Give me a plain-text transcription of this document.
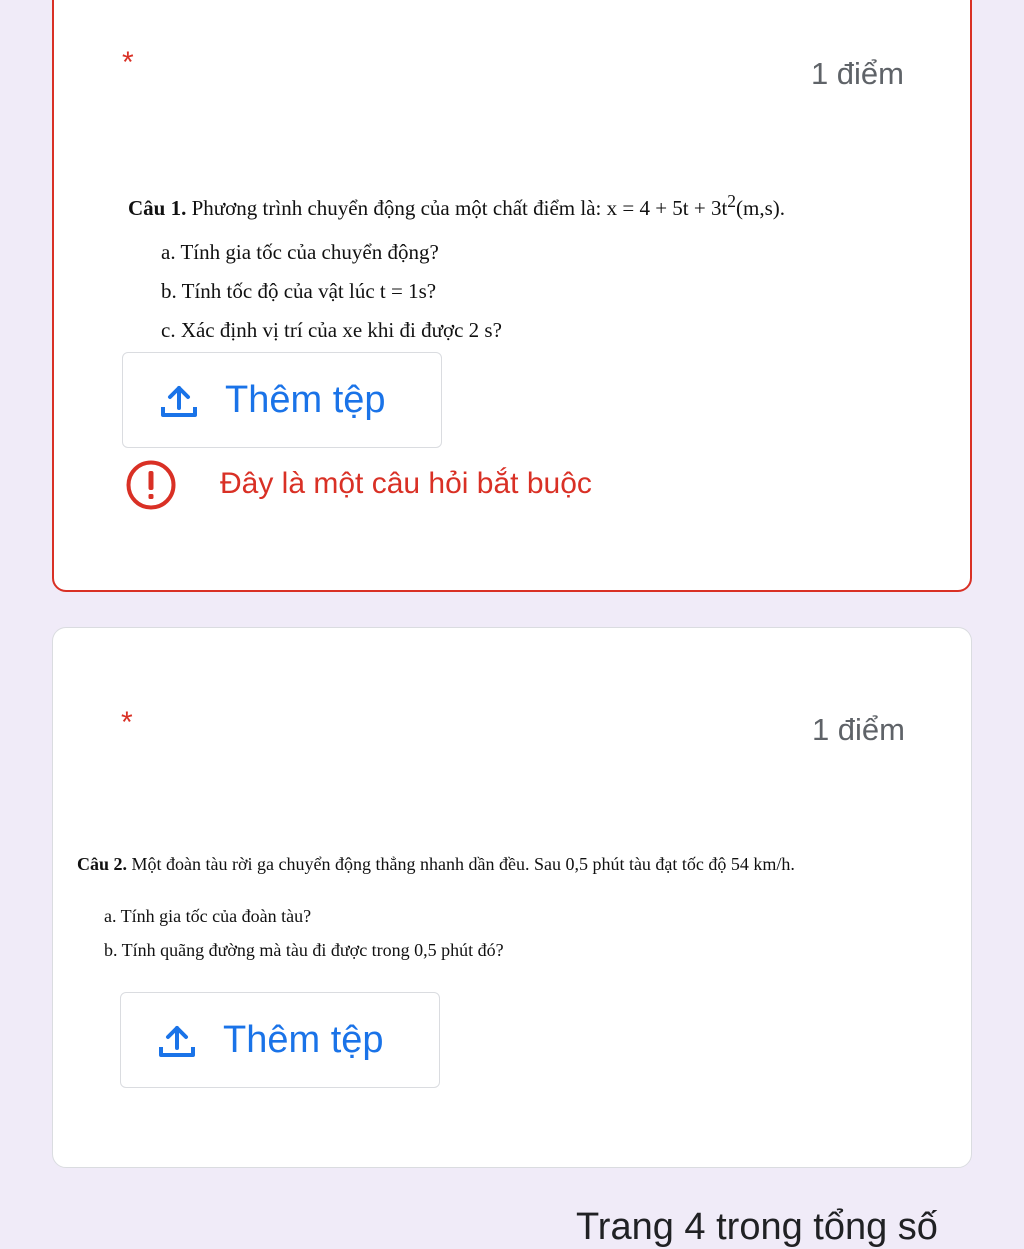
*	1 điểm

Câu 1. Phương trình chuyển động của một chất điểm là: $x = 4 + 5t + 3t^2(m,s)$.

a. Tính gia tốc của chuyển động?

b. Tính tốc độ của vật lúc t = 1s?

c. Xác định vị trí của xe khi đi được 2 s?

Thêm tệp
Đây là một câu hỏi bắt buộc
*	1 điểm

Câu 2. Một đoàn tàu rời ga chuyển động thẳng nhanh dần đều. Sau 0,5 phút tàu đạt tốc độ 54 km/h.

a. Tính gia tốc của đoàn tàu?

b. Tính quãng đường mà tàu đi được trong 0,5 phút đó?

Thêm tệp
Trang 4 trong tổng số
